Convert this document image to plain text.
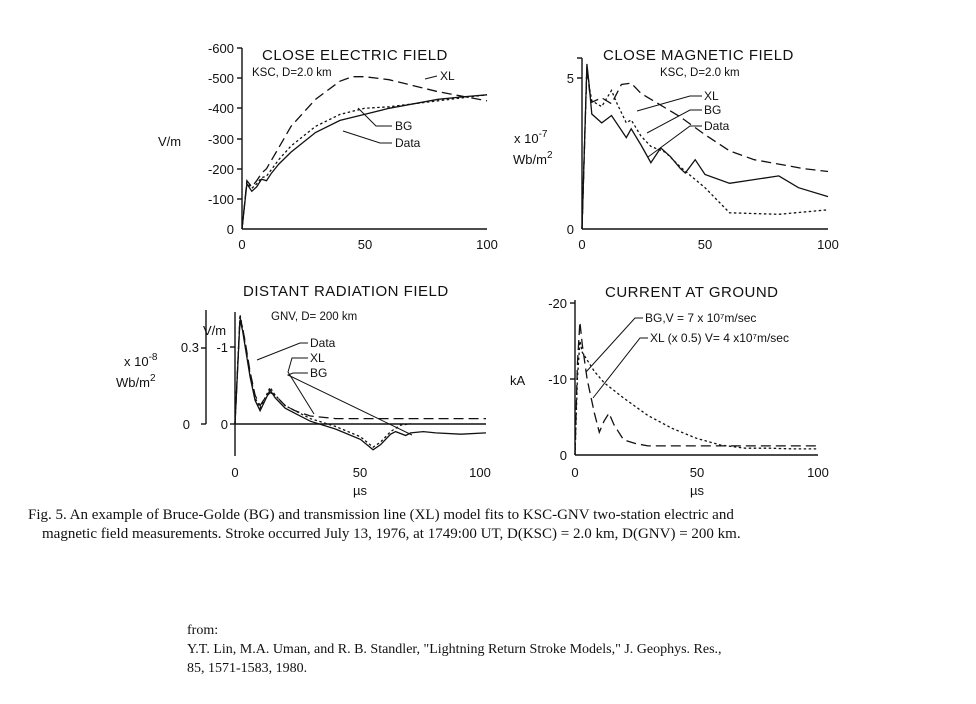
CLOSE ELECTRIC FIELD
KSC, D=2.0 km
V/m
-600
-500
-400
-300
-200
-100
0
0	50	100
XL
BG
Data
CLOSE MAGNETIC FIELD
KSC, D=2.0 km
x $10^{-7}$
$Wb/m^2$
5
0
0	50	100
XL
BG
Data
DISTANT RADIATION FIELD
GNV, D= 200 km
x $10^{-8}$
$Wb/m^2$
V/m
0.3
0
-1
0
0	50	100
µs
Data
XL
BG
CURRENT AT GROUND
kA
-20
-10
0
0	50	100
µs
BG,V = 7 x 10⁷m/sec
XL (x 0.5) V= 4 x10⁷m/sec
Fig. 5. An example of Bruce-Golde (BG) and transmission line (XL) model fits to KSC-GNV two-station electric and
magnetic field measurements. Stroke occurred July 13, 1976, at 1749:00 UT, D(KSC) = 2.0 km, D(GNV) = 200 km.
from:
Y.T. Lin, M.A. Uman, and R. B. Standler, "Lightning Return Stroke Models," J. Geophys. Res.,
85, 1571-1583, 1980.
